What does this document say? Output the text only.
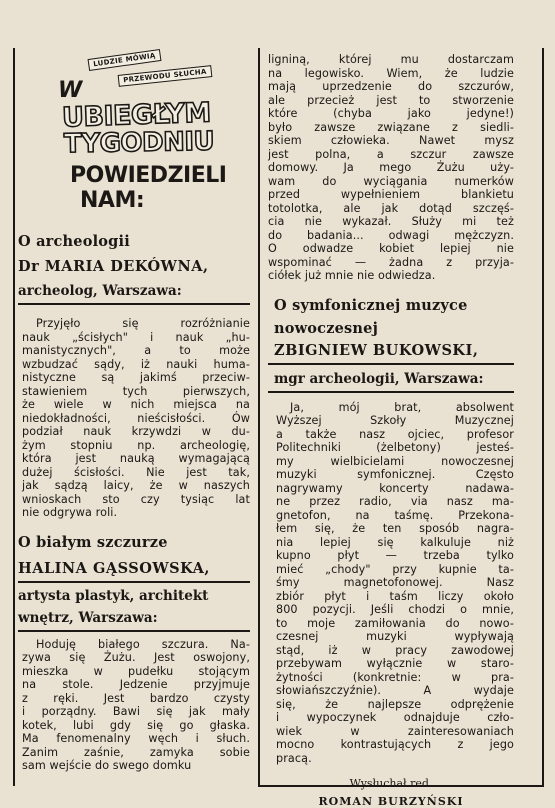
LUDZIE MÓWIĄ
PRZEWODU SŁUCHA
W
UBIEGŁYM
TYGODNIU
POWIEDZIELI
NAM:
O archeologii
Dr MARIA DEKÓWNA,
archeolog, Warszawa:
Przyjęło się rozróżnianie
nauk „ścisłych" i nauk „hu-
manistycznych", a to może
wzbudzać sądy, iż nauki huma-
nistyczne są jakimś przeciw-
stawieniem tych pierwszych,
że wiele w nich miejsca na
niedokładności, nieścisłości. Ów
podział nauk krzywdzi w du-
żym stopniu np. archeologię,
która jest nauką wymagającą
dużej ścisłości. Nie jest tak,
jak sądzą laicy, że w naszych
wnioskach sto czy tysiąc lat
nie odgrywa roli.
O białym szczurze
HALINA GĄSSOWSKA,
artysta plastyk, architekt
wnętrz, Warszawa:
Hoduję białego szczura. Na-
zywa się Żużu. Jest oswojony,
mieszka w pudełku stojącym
na stole. Jedzenie przyjmuje
z ręki. Jest bardzo czysty
i porządny. Bawi się jak mały
kotek, lubi gdy się go głaska.
Ma fenomenalny węch i słuch.
Zanim zaśnie, zamyka sobie
sam wejście do swego domku
ligniną, której mu dostarczam
na legowisko. Wiem, że ludzie
mają uprzedzenie do szczurów,
ale przecież jest to stworzenie
które (chyba jako jedyne!)
było zawsze związane z siedli-
skiem człowieka. Nawet mysz
jest polna, a szczur zawsze
domowy. Ja mego Żużu uży-
wam do wyciągania numerków
przed wypełnieniem blankietu
totolotka, ale jak dotąd szczęś-
cia nie wykazał. Służy mi też
do badania... odwagi mężczyzn.
O odwadze kobiet lepiej nie
wspominać — żadna z przyja-
ciółek już mnie nie odwiedza.
O symfonicznej muzyce
nowoczesnej
ZBIGNIEW BUKOWSKI,
mgr archeologii, Warszawa:
Ja, mój brat, absolwent
Wyższej Szkoły Muzycznej
a także nasz ojciec, profesor
Politechniki (żelbetony) jesteś-
my wielbicielami nowoczesnej
muzyki symfonicznej. Często
nagrywamy koncerty nadawa-
ne przez radio, via nasz ma-
gnetofon, na taśmę. Przekona-
łem się, że ten sposób nagra-
nia lepiej się kalkuluje niż
kupno płyt — trzeba tylko
mieć „chody" przy kupnie ta-
śmy magnetofonowej. Nasz
zbiór płyt i taśm liczy około
800 pozycji. Jeśli chodzi o mnie,
to moje zamiłowania do nowo-
czesnej muzyki wypływają
stąd, iż w pracy zawodowej
przebywam wyłącznie w staro-
żytności (konkretnie: w pra-
słowiańszczyźnie). A wydaje
się, że najlepsze odprężenie
i wypoczynek odnajduje czło-
wiek w zainteresowaniach
mocno kontrastujących z jego
pracą.
Wysłuchał red.
ROMAN BURZYŃSKI
